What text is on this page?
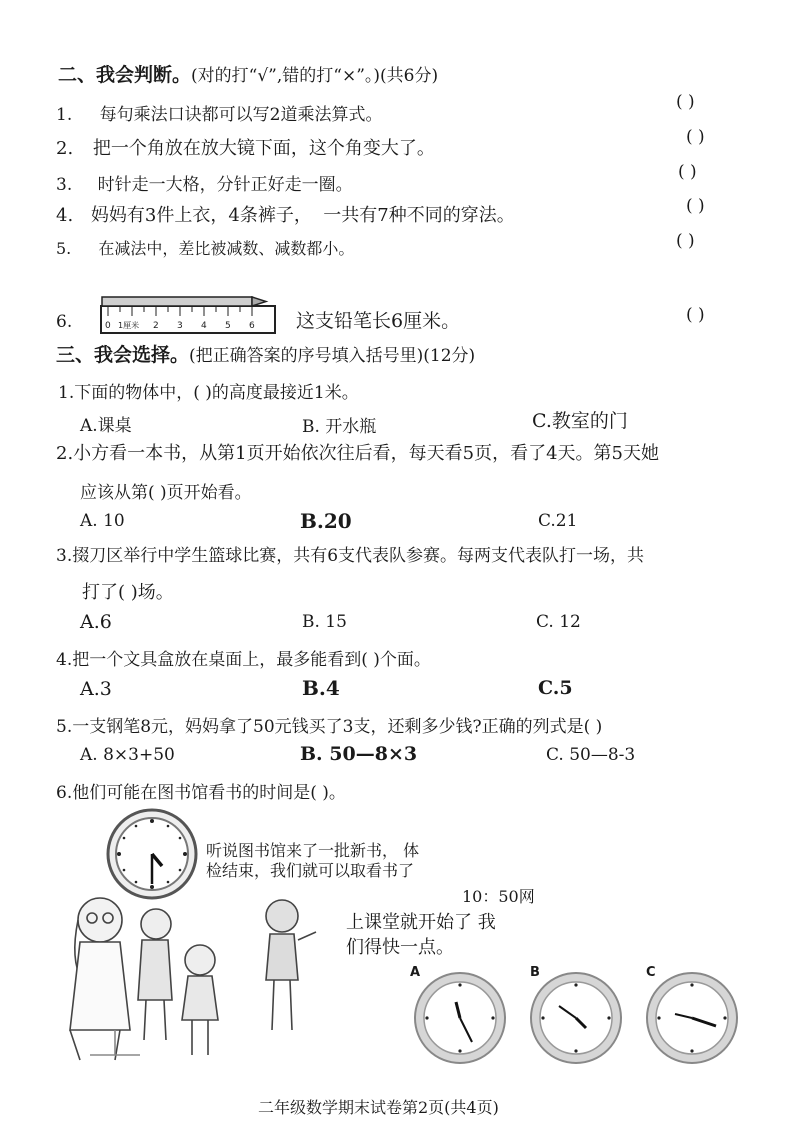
二、我会判断。(对的打“√”,错的打“×”。)(共6分)
1. 每句乘法口诀都可以写2道乘法算式。
( )
2. 把一个角放在放大镜下面，这个角变大了。
( )
3. 时针走一大格，分针正好走一圈。
( )
4. 妈妈有3件上衣，4条裤子，  一共有7种不同的穿法。	( )
5. 在减法中，差比被减数、减数都小。	( )
6.	0 1厘米 2 3 4 5 6 这支铅笔长6厘米。	( )
三、我会选择。(把正确答案的序号填入括号里)(12分)
1.下面的物体中，( )的高度最接近1米。
A.课桌	B. 开水瓶	C.教室的门
2.小方看一本书，从第1页开始依次往后看，每天看5页，看了4天。第5天她
应该从第( )页开始看。
A. 10	B.20	C.21
3.掇刀区举行中学生篮球比赛，共有6支代表队参赛。每两支代表队打一场，共
打了( )场。
A.6	B. 15	C. 12
4.把一个文具盒放在桌面上，最多能看到( )个面。
A.3	B.4	C.5
5.一支钢笔8元，妈妈拿了50元钱买了3支，还剩多少钱?正确的列式是( )
A. 8×3+50	B. 50—8×3	C. 50—8-3
6.他们可能在图书馆看书的时间是( )。
听说图书馆来了一批新书， 体
检结束，我们就可以取看书了
10：50网
上课堂就开始了 我
们得快一点。
A	B	C
二年级数学期末试卷第2页(共4页)
